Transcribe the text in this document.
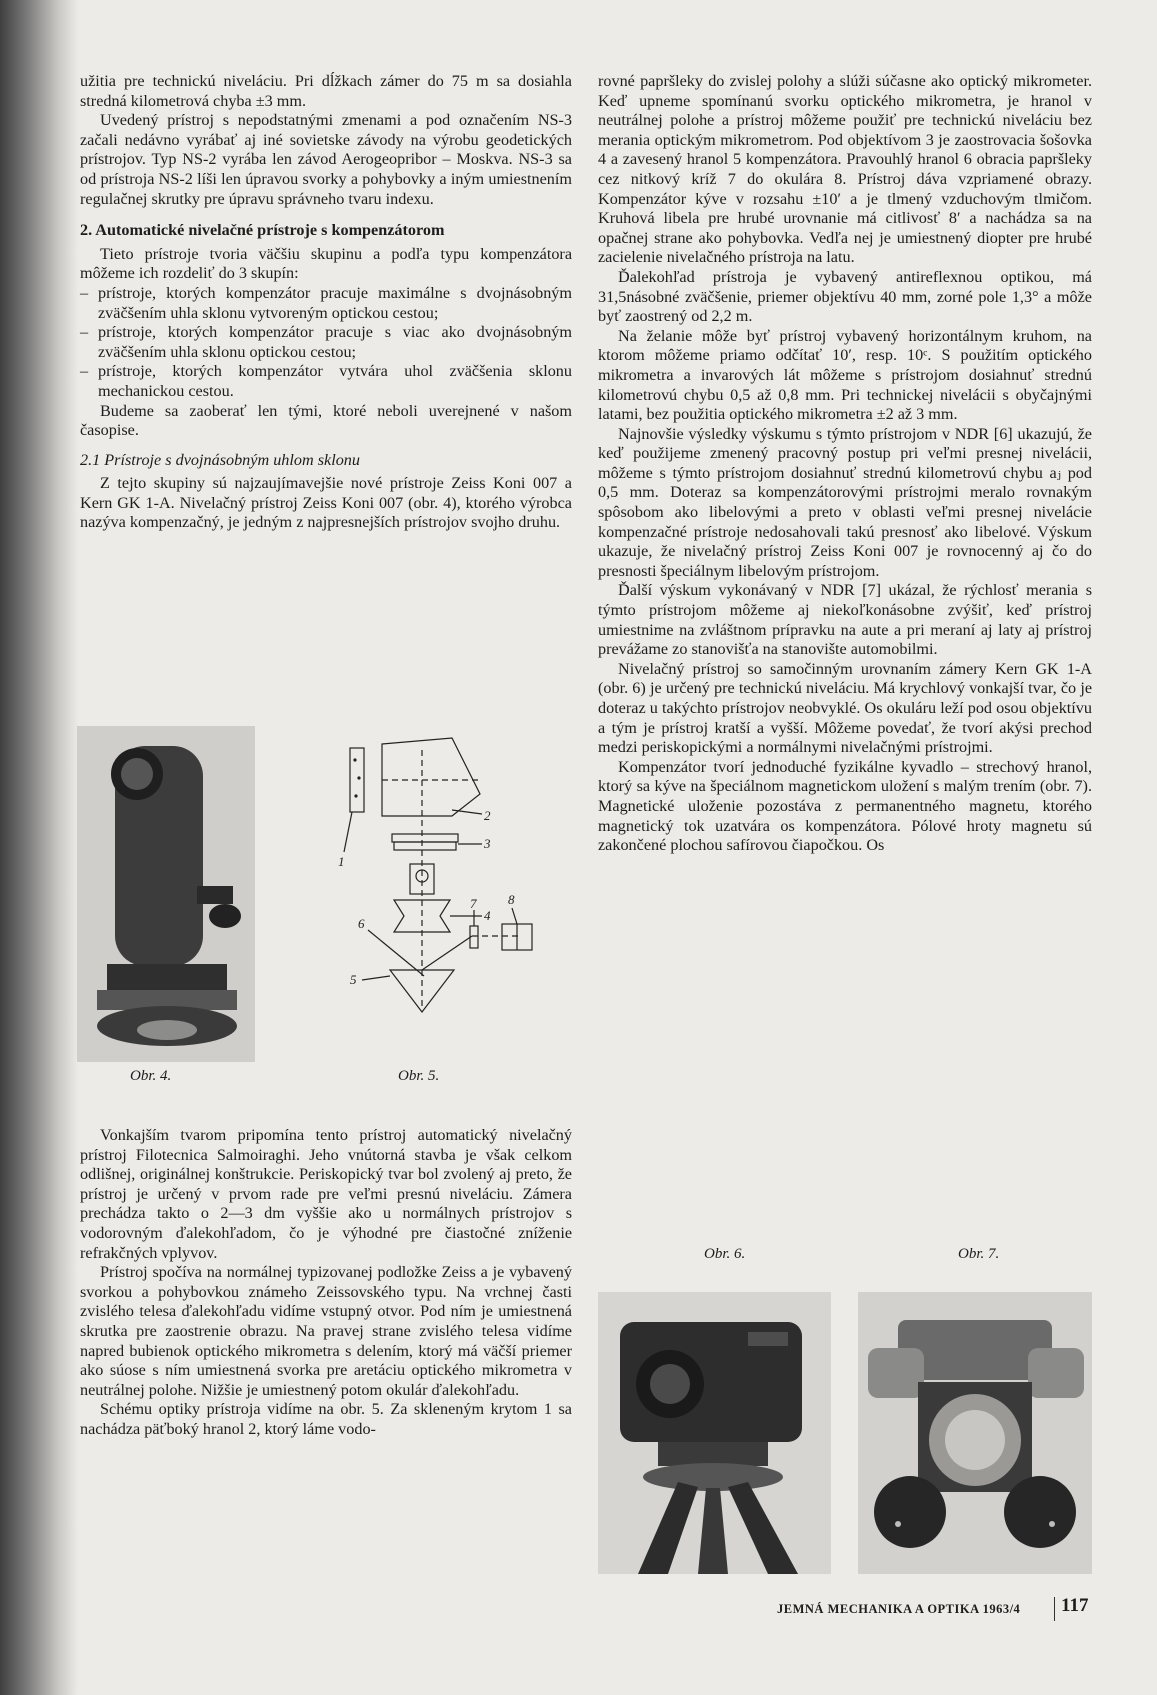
užitia pre technickú niveláciu. Pri dĺžkach zámer do 75 m sa dosiahla stredná kilometrová chyba ±3 mm.

Uvedený prístroj s nepodstatnými zmenami a pod označením NS-3 začali nedávno vyrábať aj iné sovietske závody na výrobu geodetických prístrojov. Typ NS-2 vyrába len závod Aerogeopribor – Moskva. NS-3 sa od prístroja NS-2 líši len úpravou svorky a pohybovky a iným umiestnením regulačnej skrutky pre úpravu správneho tvaru indexu.

2. Automatické nivelačné prístroje s kompenzátorom

Tieto prístroje tvoria väčšiu skupinu a podľa typu kompenzátora môžeme ich rozdeliť do 3 skupín:

– prístroje, ktorých kompenzátor pracuje maximálne s dvojnásobným zväčšením uhla sklonu vytvoreným optickou cestou;
– prístroje, ktorých kompenzátor pracuje s viac ako dvojnásobným zväčšením uhla sklonu optickou cestou;
– prístroje, ktorých kompenzátor vytvára uhol zväčšenia sklonu mechanickou cestou.

Budeme sa zaoberať len tými, ktoré neboli uverejnené v našom časopise.

2.1 Prístroje s dvojnásobným uhlom sklonu

Z tejto skupiny sú najzaujímavejšie nové prístroje Zeiss Koni 007 a Kern GK 1-A. Nivelačný prístroj Zeiss Koni 007 (obr. 4), ktorého výrobca nazýva kompenzačný, je jedným z najpresnejších prístrojov svojho druhu.

Vonkajším tvarom pripomína tento prístroj automatický nivelačný prístroj Filotecnica Salmoiraghi. Jeho vnútorná stavba je však celkom odlišnej, originálnej konštrukcie. Periskopický tvar bol zvolený aj preto, že prístroj je určený v prvom rade pre veľmi presnú niveláciu. Zámera prechádza takto o 2—3 dm vyššie ako u normálnych prístrojov s vodorovným ďalekohľadom, čo je výhodné pre čiastočné zníženie refrakčných vplyvov.

Prístroj spočíva na normálnej typizovanej podložke Zeiss a je vybavený svorkou a pohybovkou známeho Zeissovského typu. Na vrchnej časti zvislého telesa ďalekohľadu vidíme vstupný otvor. Pod ním je umiestnená skrutka pre zaostrenie obrazu. Na pravej strane zvislého telesa vidíme napred bubienok optického mikrometra s delením, ktorý má väčší priemer ako súose s ním umiestnená svorka pre aretáciu optického mikrometra v neutrálnej polohe. Nižšie je umiestnený potom okulár ďalekohľadu.

Schému optiky prístroja vidíme na obr. 5. Za skleneným krytom 1 sa nachádza päťboký hranol 2, ktorý láme vodo-

Obr. 4.
1
2
3
4
5
6
7 8
Obr. 5.

rovné papršleky do zvislej polohy a slúži súčasne ako optický mikrometer. Keď upneme spomínanú svorku optického mikrometra, je hranol v neutrálnej polohe a prístroj môžeme použiť pre technickú niveláciu bez merania optickým mikrometrom. Pod objektívom 3 je zaostrovacia šošovka 4 a zavesený hranol 5 kompenzátora. Pravouhlý hranol 6 obracia papršleky cez nitkový kríž 7 do okulára 8. Prístroj dáva vzpriamené obrazy. Kompenzátor kýve v rozsahu ±10′ a je tlmený vzduchovým tlmičom. Kruhová libela pre hrubé urovnanie má citlivosť 8′ a nachádza sa na opačnej strane ako pohybovka. Vedľa nej je umiestnený diopter pre hrubé zacielenie nivelačného prístroja na latu.

Ďalekohľad prístroja je vybavený antireflexnou optikou, má 31,5násobné zväčšenie, priemer objektívu 40 mm, zorné pole 1,3° a môže byť zaostrený od 2,2 m.

Na želanie môže byť prístroj vybavený horizontálnym kruhom, na ktorom môžeme priamo odčítať 10′, resp. 10ᶜ. S použitím optického mikrometra a invarových lát môžeme s prístrojom dosiahnuť strednú kilometrovú chybu 0,5 až 0,8 mm. Pri technickej nivelácii s obyčajnými latami, bez použitia optického mikrometra ±2 až 3 mm.

Najnovšie výsledky výskumu s týmto prístrojom v NDR [6] ukazujú, že keď použijeme zmenený pracovný postup pri veľmi presnej nivelácii, môžeme s týmto prístrojom dosiahnuť strednú kilometrovú chybu aⱼ pod 0,5 mm. Doteraz sa kompenzátorovými prístrojmi meralo rovnakým spôsobom ako libelovými a preto v oblasti veľmi presnej nivelácie kompenzačné prístroje nedosahovali takú presnosť ako libelové. Výskum ukazuje, že nivelačný prístroj Zeiss Koni 007 je rovnocenný aj čo do presnosti špeciálnym libelovým prístrojom.

Ďalší výskum vykonávaný v NDR [7] ukázal, že rýchlosť merania s týmto prístrojom môžeme aj niekoľkonásobne zvýšiť, keď prístroj umiestnime na zvláštnom prípravku na aute a pri meraní aj laty aj prístroj prevážame zo stanovišťa na stanovište automobilmi.

Nivelačný prístroj so samočinným urovnaním zámery Kern GK 1-A (obr. 6) je určený pre technickú niveláciu. Má krychlový vonkajší tvar, čo je doteraz u takýchto prístrojov neobvyklé. Os okuláru leží pod osou objektívu a tým je prístroj kratší a vyšší. Môžeme povedať, že tvorí akýsi prechod medzi periskopickými a normálnymi nivelačnými prístrojmi.

Kompenzátor tvorí jednoduché fyzikálne kyvadlo – strechový hranol, ktorý sa kýve na špeciálnom magnetickom uložení s malým trením (obr. 7). Magnetické uloženie pozostáva z permanentného magnetu, ktorého magnetický tok uzatvára os kompenzátora. Pólové hroty magnetu sú zakončené plochou safírovou čiapočkou. Os

Obr. 6.	Obr. 7.
JEMNÁ MECHANIKA A OPTIKA 1963/4 117
